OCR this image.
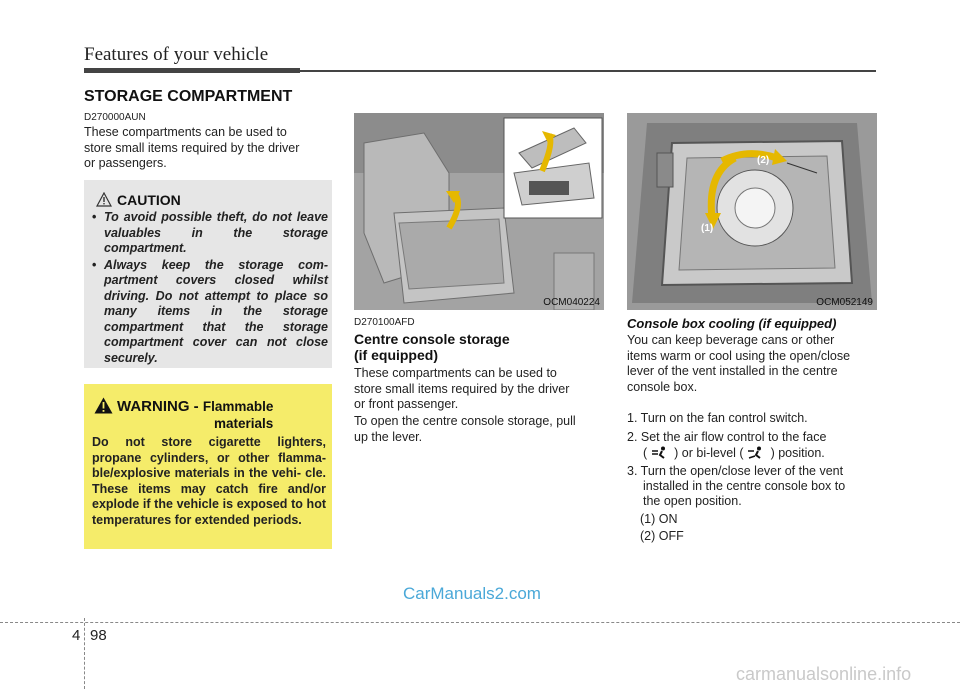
Features of your vehicle
STORAGE COMPARTMENT
D270000AUN
These compartments can be used to
store small items required by the driver
or passengers.
CAUTION
• To avoid possible theft, do not leave valuables in the storage compartment.
• Always keep the storage com- partment covers closed whilst driving. Do not attempt to place so many items in the storage compartment that the storage compartment cover can not close securely.
WARNING - Flammable
materials
Do not store cigarette lighters, propane cylinders, or other flamma- ble/explosive materials in the vehi- cle. These items may catch fire and/or explode if the vehicle is exposed to hot temperatures for extended periods.
OCM040224
D270100AFD
Centre console storage
(if equipped)
These compartments can be used to
store small items required by the driver
or front passenger.
To open the centre console storage, pull
up the lever.
(2)
(1)
OCM052149
Console box cooling (if equipped)
You can keep beverage cans or other
items warm or cool using the open/close
lever of the vent installed in the centre
console box.
1. Turn on the fan control switch.
2. Set the air flow control to the face
( ) or bi-level ( ) position.
3. Turn the open/close lever of the vent
installed in the centre console box to
the open position.
(1) ON
(2) OFF
CarManuals2.com
carmanualsonline.info
4 98
